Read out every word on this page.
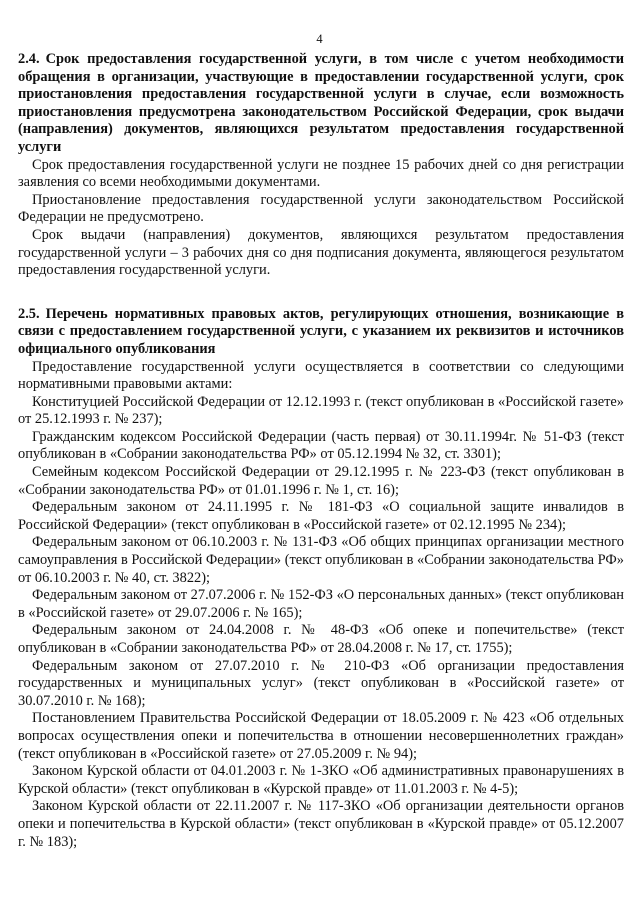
4

2.4. Срок предоставления государственной услуги, в том числе с учетом необходимости обращения в организации, участвующие в предоставлении государственной услуги, срок приостановления предоставления государственной услуги в случае, если возможность приостановления предусмотрена законодательством Российской Федерации, срок выдачи (направления) документов, являющихся результатом предоставления государственной услуги

Срок предоставления государственной услуги не позднее 15 рабочих дней со дня регистрации заявления со всеми необходимыми документами.

Приостановление предоставления государственной услуги законодательством Российской Федерации не предусмотрено.

Срок выдачи (направления) документов, являющихся результатом предоставления государственной услуги – 3 рабочих дня со дня подписания документа, являющегося результатом предоставления государственной услуги.

2.5. Перечень нормативных правовых актов, регулирующих отношения, возникающие в связи с предоставлением государственной услуги, с указанием их реквизитов и источников официального опубликования

Предоставление государственной услуги осуществляется в соответствии со следующими нормативными правовыми актами:

Конституцией Российской Федерации от 12.12.1993 г. (текст опубликован в «Российской газете» от 25.12.1993 г. № 237);

Гражданским кодексом Российской Федерации (часть первая) от 30.11.1994г. № 51-ФЗ (текст опубликован в «Собрании законодательства РФ» от 05.12.1994 № 32, ст. 3301);

Семейным кодексом Российской Федерации от 29.12.1995 г. № 223-ФЗ (текст опубликован в «Собрании законодательства РФ» от 01.01.1996 г. № 1, ст. 16);

Федеральным законом от 24.11.1995 г. № 181-ФЗ «О социальной защите инвалидов в Российской Федерации» (текст опубликован в «Российской газете» от 02.12.1995 № 234);

Федеральным законом от 06.10.2003 г. № 131-ФЗ «Об общих принципах организации местного самоуправления в Российской Федерации» (текст опубликован в «Собрании законодательства РФ» от 06.10.2003 г. № 40, ст. 3822);

Федеральным законом от 27.07.2006 г. № 152-ФЗ «О персональных данных» (текст опубликован в «Российской газете» от 29.07.2006 г. № 165);

Федеральным законом от 24.04.2008 г. № 48-ФЗ «Об опеке и попечительстве» (текст опубликован в «Собрании законодательства РФ» от 28.04.2008 г. № 17, ст. 1755);

Федеральным законом от 27.07.2010 г. № 210-ФЗ «Об организации предоставления государственных и муниципальных услуг» (текст опубликован в «Российской газете» от 30.07.2010 г. № 168);

Постановлением Правительства Российской Федерации от 18.05.2009 г. № 423 «Об отдельных вопросах осуществления опеки и попечительства в отношении несовершеннолетних граждан» (текст опубликован в «Российской газете» от 27.05.2009 г. № 94);

Законом Курской области от 04.01.2003 г. № 1-ЗКО «Об административных правонарушениях в Курской области» (текст опубликован в «Курской правде» от 11.01.2003 г. № 4-5);

Законом Курской области от 22.11.2007 г. № 117-ЗКО «Об организации деятельности органов опеки и попечительства в Курской области» (текст опубликован в «Курской правде» от 05.12.2007 г. № 183);
